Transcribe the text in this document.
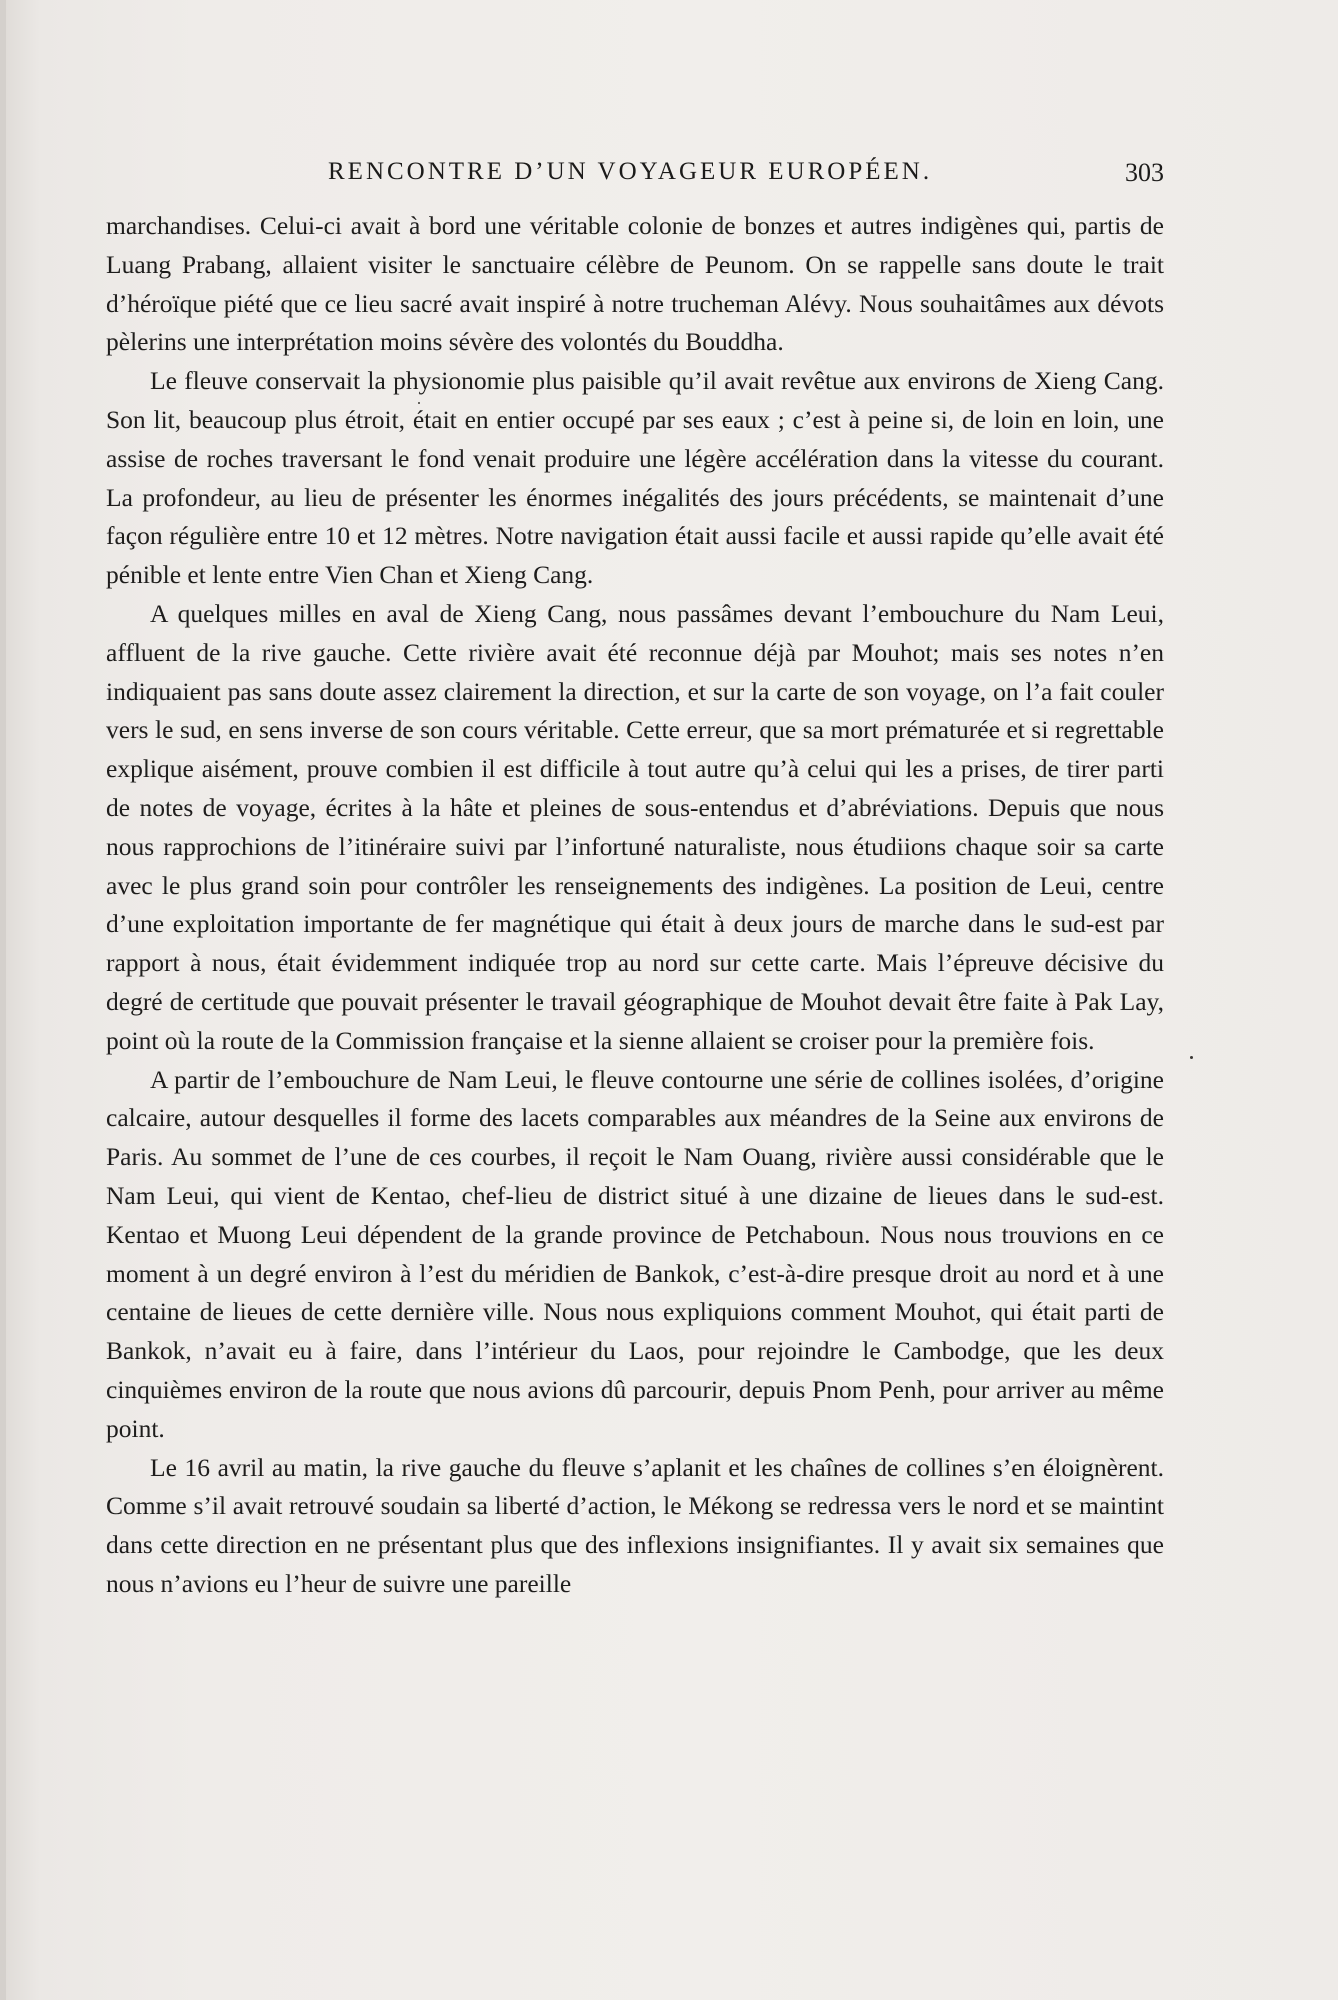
RENCONTRE D’UN VOYAGEUR EUROPÉEN.	303

marchandises. Celui-ci avait à bord une véritable colonie de bonzes et autres indigènes qui, partis de Luang Prabang, allaient visiter le sanctuaire célèbre de Peunom. On se rappelle sans doute le trait d’héroïque piété que ce lieu sacré avait inspiré à notre trucheman Alévy. Nous souhaitâmes aux dévots pèlerins une interprétation moins sévère des volontés du Bouddha.

Le fleuve conservait la physionomie plus paisible qu’il avait revêtue aux environs de Xieng Cang. Son lit, beaucoup plus étroit, était en entier occupé par ses eaux ; c’est à peine si, de loin en loin, une assise de roches traversant le fond venait produire une légère accélération dans la vitesse du courant. La profondeur, au lieu de présenter les énormes inégalités des jours précédents, se maintenait d’une façon régulière entre 10 et 12 mètres. Notre navigation était aussi facile et aussi rapide qu’elle avait été pénible et lente entre Vien Chan et Xieng Cang.

A quelques milles en aval de Xieng Cang, nous passâmes devant l’embouchure du Nam Leui, affluent de la rive gauche. Cette rivière avait été reconnue déjà par Mouhot; mais ses notes n’en indiquaient pas sans doute assez clairement la direction, et sur la carte de son voyage, on l’a fait couler vers le sud, en sens inverse de son cours véritable. Cette erreur, que sa mort prématurée et si regrettable explique aisément, prouve combien il est difficile à tout autre qu’à celui qui les a prises, de tirer parti de notes de voyage, écrites à la hâte et pleines de sous-entendus et d’abréviations. Depuis que nous nous rapprochions de l’itinéraire suivi par l’infortuné naturaliste, nous étudiions chaque soir sa carte avec le plus grand soin pour contrôler les renseignements des indigènes. La position de Leui, centre d’une exploitation importante de fer magnétique qui était à deux jours de marche dans le sud-est par rapport à nous, était évidemment indiquée trop au nord sur cette carte. Mais l’épreuve décisive du degré de certitude que pouvait présenter le travail géographique de Mouhot devait être faite à Pak Lay, point où la route de la Commission française et la sienne allaient se croiser pour la première fois.

A partir de l’embouchure de Nam Leui, le fleuve contourne une série de collines isolées, d’origine calcaire, autour desquelles il forme des lacets comparables aux méandres de la Seine aux environs de Paris. Au sommet de l’une de ces courbes, il reçoit le Nam Ouang, rivière aussi considérable que le Nam Leui, qui vient de Kentao, chef-lieu de district situé à une dizaine de lieues dans le sud-est. Kentao et Muong Leui dépendent de la grande province de Petchaboun. Nous nous trouvions en ce moment à un degré environ à l’est du méridien de Bankok, c’est-à-dire presque droit au nord et à une centaine de lieues de cette dernière ville. Nous nous expliquions comment Mouhot, qui était parti de Bankok, n’avait eu à faire, dans l’intérieur du Laos, pour rejoindre le Cambodge, que les deux cinquièmes environ de la route que nous avions dû parcourir, depuis Pnom Penh, pour arriver au même point.

Le 16 avril au matin, la rive gauche du fleuve s’aplanit et les chaînes de collines s’en éloignèrent. Comme s’il avait retrouvé soudain sa liberté d’action, le Mékong se redressa vers le nord et se maintint dans cette direction en ne présentant plus que des inflexions insignifiantes. Il y avait six semaines que nous n’avions eu l’heur de suivre une pareille
